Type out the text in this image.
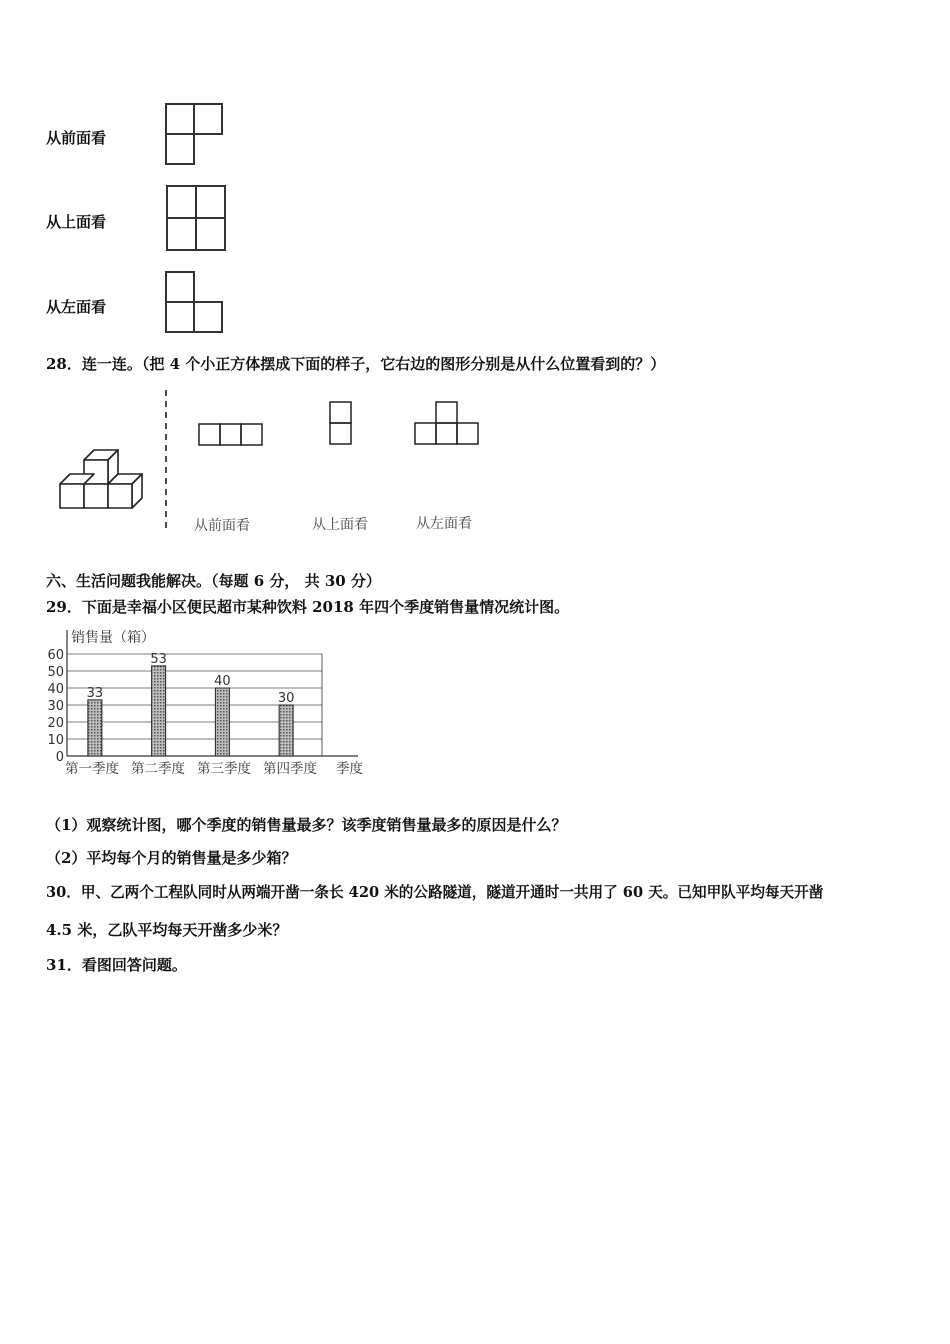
从前面看
从上面看
从左面看
28．连一连。（把 4 个小正方体摆成下面的样子，它右边的图形分别是从什么位置看到的？）
从前面看	从上面看	从左面看
六、生活问题我能解决。（每题 6 分， 共 30 分）
29．下面是幸福小区便民超市某种饮料 2018 年四个季度销售量情况统计图。
0
10
20
30
40
50
60
销售量（箱）
33
53
40
30
第一季度 第二季度 第三季度 第四季度 季度
（1）观察统计图，哪个季度的销售量最多？该季度销售量最多的原因是什么？
（2）平均每个月的销售量是多少箱？
30．甲、乙两个工程队同时从两端开凿一条长 420 米的公路隧道，隧道开通时一共用了 60 天。已知甲队平均每天开凿
4.5 米，乙队平均每天开凿多少米？
31．看图回答问题。
